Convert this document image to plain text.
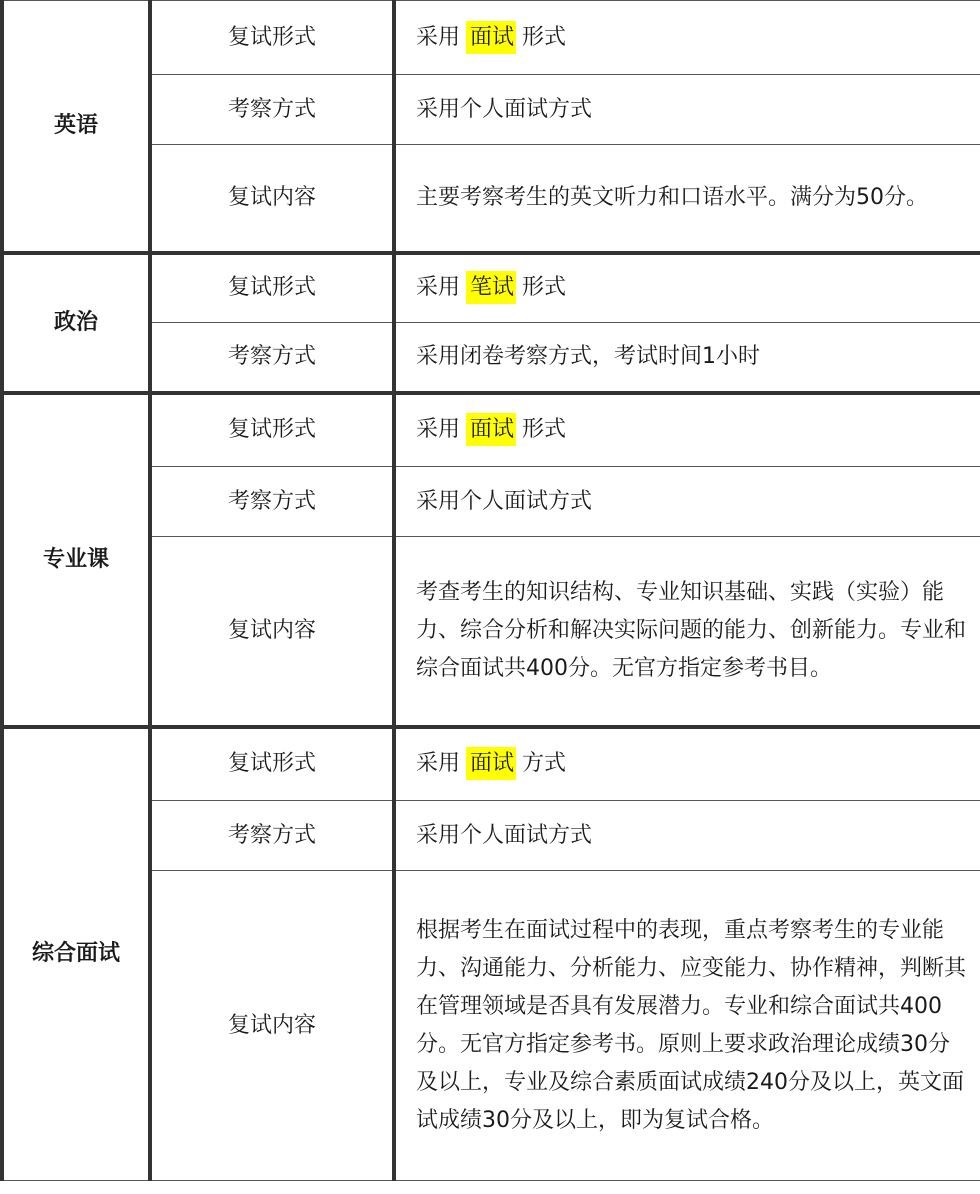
英语	复试形式	采用 面试 形式
	考察方式	采用个人面试方式
	复试内容	主要考察考生的英文听力和口语水平。满分为50分。
政治	复试形式	采用 笔试 形式
	考察方式	采用闭卷考察方式，考试时间1小时
专业课	复试形式	采用 面试 形式
	考察方式	采用个人面试方式
	复试内容	考查考生的知识结构、专业知识基础、实践（实验）能力、综合分析和解决实际问题的能力、创新能力。专业和综合面试共400分。无官方指定参考书目。
综合面试	复试形式	采用 面试 方式
	考察方式	采用个人面试方式
	复试内容	根据考生在面试过程中的表现，重点考察考生的专业能力、沟通能力、分析能力、应变能力、协作精神，判断其在管理领域是否具有发展潜力。专业和综合面试共400分。无官方指定参考书。原则上要求政治理论成绩30分及以上，专业及综合素质面试成绩240分及以上，英文面试成绩30分及以上，即为复试合格。
